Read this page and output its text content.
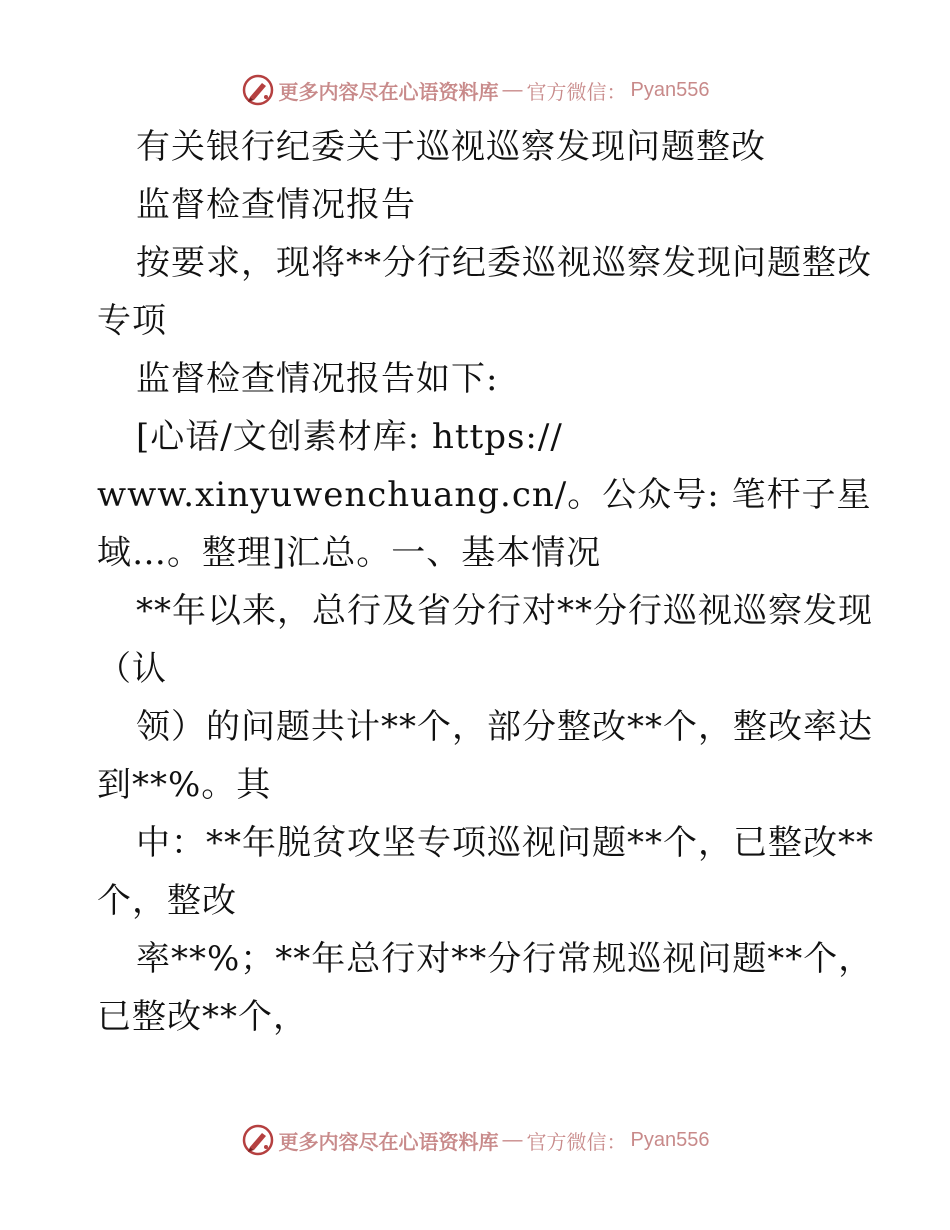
更多内容尽在心语资料库 — 官方微信： Pyan556
有关银行纪委关于巡视巡察发现问题整改
监督检查情况报告
按要求，现将**分行纪委巡视巡察发现问题整改
专项
监督检查情况报告如下:
[心语/文创素材库: https://
www.xinyuwenchuang.cn/。公众号: 笔杆子星
域…。整理]汇总。一、基本情况
**年以来，总行及省分行对**分行巡视巡察发现
（认
领）的问题共计**个，部分整改**个，整改率达
到**%。其
中：**年脱贫攻坚专项巡视问题**个，已整改**
个，整改
率**%；**年总行对**分行常规巡视问题**个，
已整改**个，
更多内容尽在心语资料库 — 官方微信： Pyan556
